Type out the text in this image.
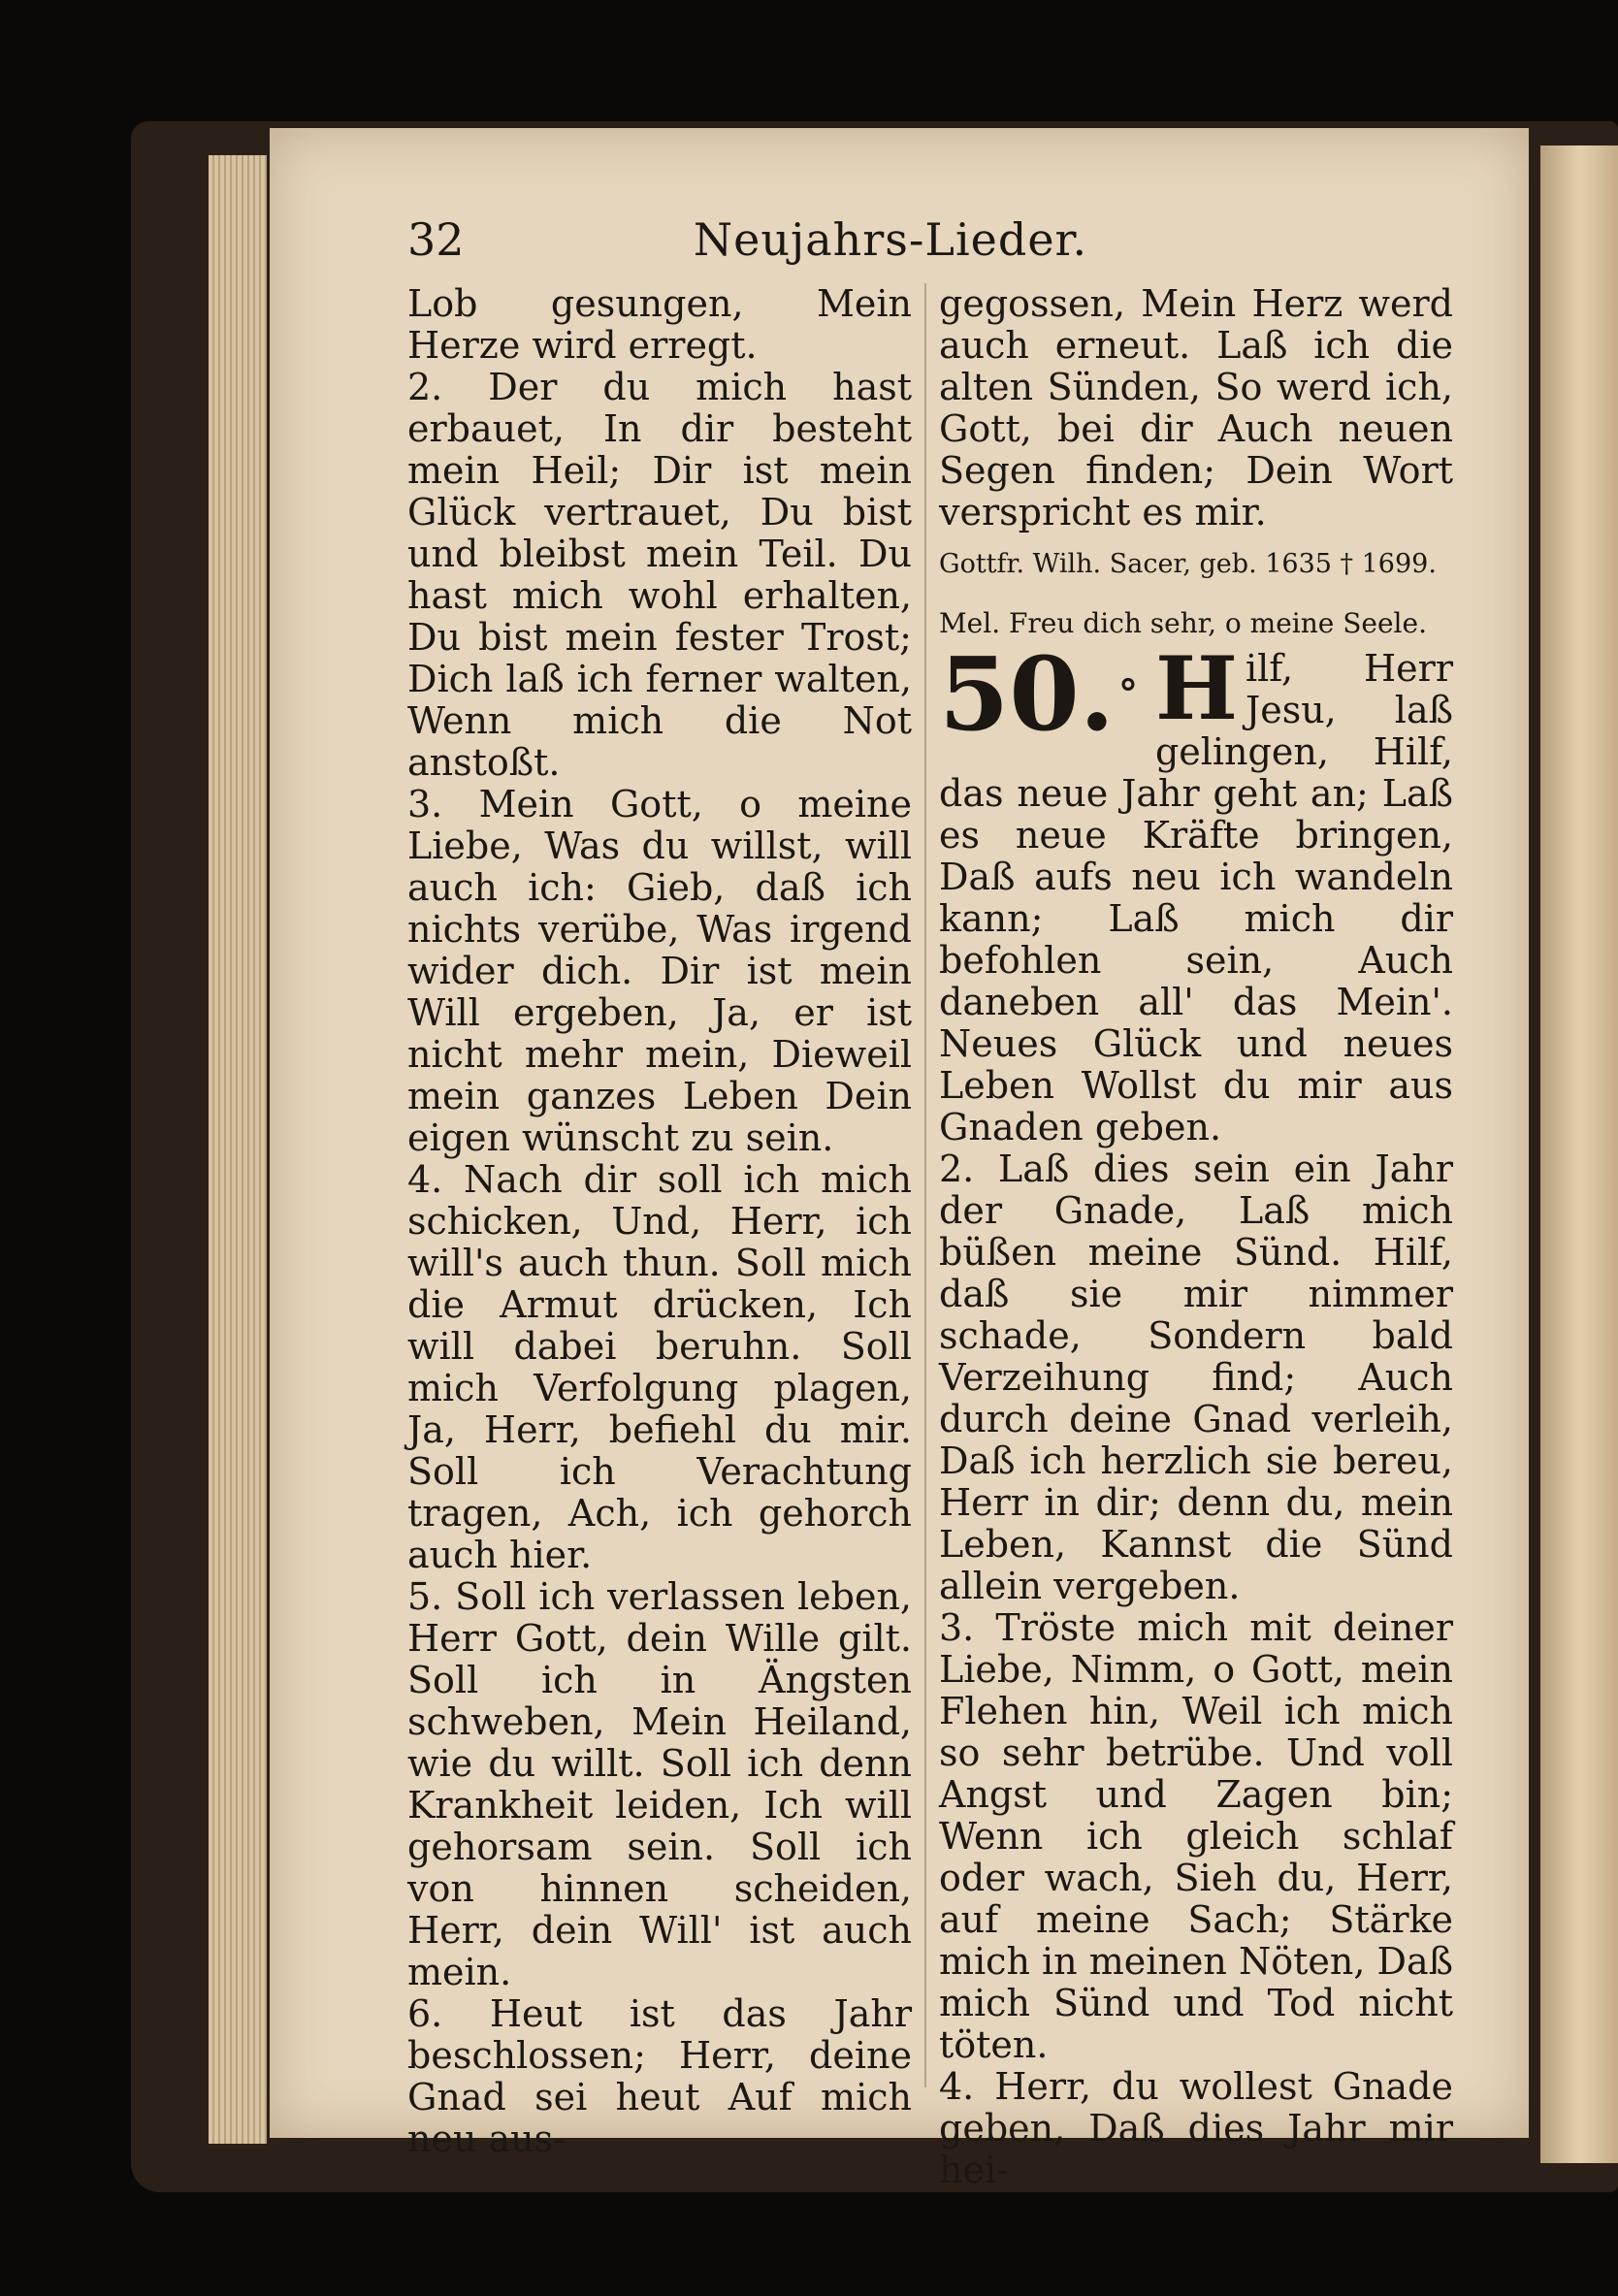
32	Neujahrs-Lieder.

Lob gesungen, Mein Herze wird erregt.

2. Der du mich hast erbauet, In dir besteht mein Heil; Dir ist mein Glück vertrauet, Du bist und bleibst mein Teil. Du hast mich wohl erhalten, Du bist mein fester Trost; Dich laß ich ferner walten, Wenn mich die Not anstoßt.

3. Mein Gott, o meine Liebe, Was du willst, will auch ich: Gieb, daß ich nichts verübe, Was irgend wider dich. Dir ist mein Will ergeben, Ja, er ist nicht mehr mein, Dieweil mein ganzes Leben Dein eigen wünscht zu sein.

4. Nach dir soll ich mich schicken, Und, Herr, ich will's auch thun. Soll mich die Armut drücken, Ich will dabei beruhn. Soll mich Verfolgung plagen, Ja, Herr, befiehl du mir. Soll ich Verachtung tragen, Ach, ich gehorch auch hier.

5. Soll ich verlassen leben, Herr Gott, dein Wille gilt. Soll ich in Ängsten schweben, Mein Heiland, wie du willt. Soll ich denn Krankheit leiden, Ich will gehorsam sein. Soll ich von hinnen scheiden, Herr, dein Will' ist auch mein.

6. Heut ist das Jahr beschlossen; Herr, deine Gnad sei heut Auf mich neu aus-

gegossen, Mein Herz werd auch erneut. Laß ich die alten Sünden, So werd ich, Gott, bei dir Auch neuen Segen finden; Dein Wort verspricht es mir.

Gottfr. Wilh. Sacer, geb. 1635 † 1699.
Mel. Freu dich sehr, o meine Seele.

50. ° H ilf, Herr Jesu, laß gelingen, Hilf, das neue Jahr geht an; Laß es neue Kräfte bringen, Daß aufs neu ich wandeln kann; Laß mich dir befohlen sein, Auch daneben all' das Mein'. Neues Glück und neues Leben Wollst du mir aus Gnaden geben.

2. Laß dies sein ein Jahr der Gnade, Laß mich büßen meine Sünd. Hilf, daß sie mir nimmer schade, Sondern bald Verzeihung find; Auch durch deine Gnad verleih, Daß ich herzlich sie bereu, Herr in dir; denn du, mein Leben, Kannst die Sünd allein vergeben.

3. Tröste mich mit deiner Liebe, Nimm, o Gott, mein Flehen hin, Weil ich mich so sehr betrübe. Und voll Angst und Zagen bin; Wenn ich gleich schlaf oder wach, Sieh du, Herr, auf meine Sach; Stärke mich in meinen Nöten, Daß mich Sünd und Tod nicht töten.

4. Herr, du wollest Gnade geben, Daß dies Jahr mir hei-
